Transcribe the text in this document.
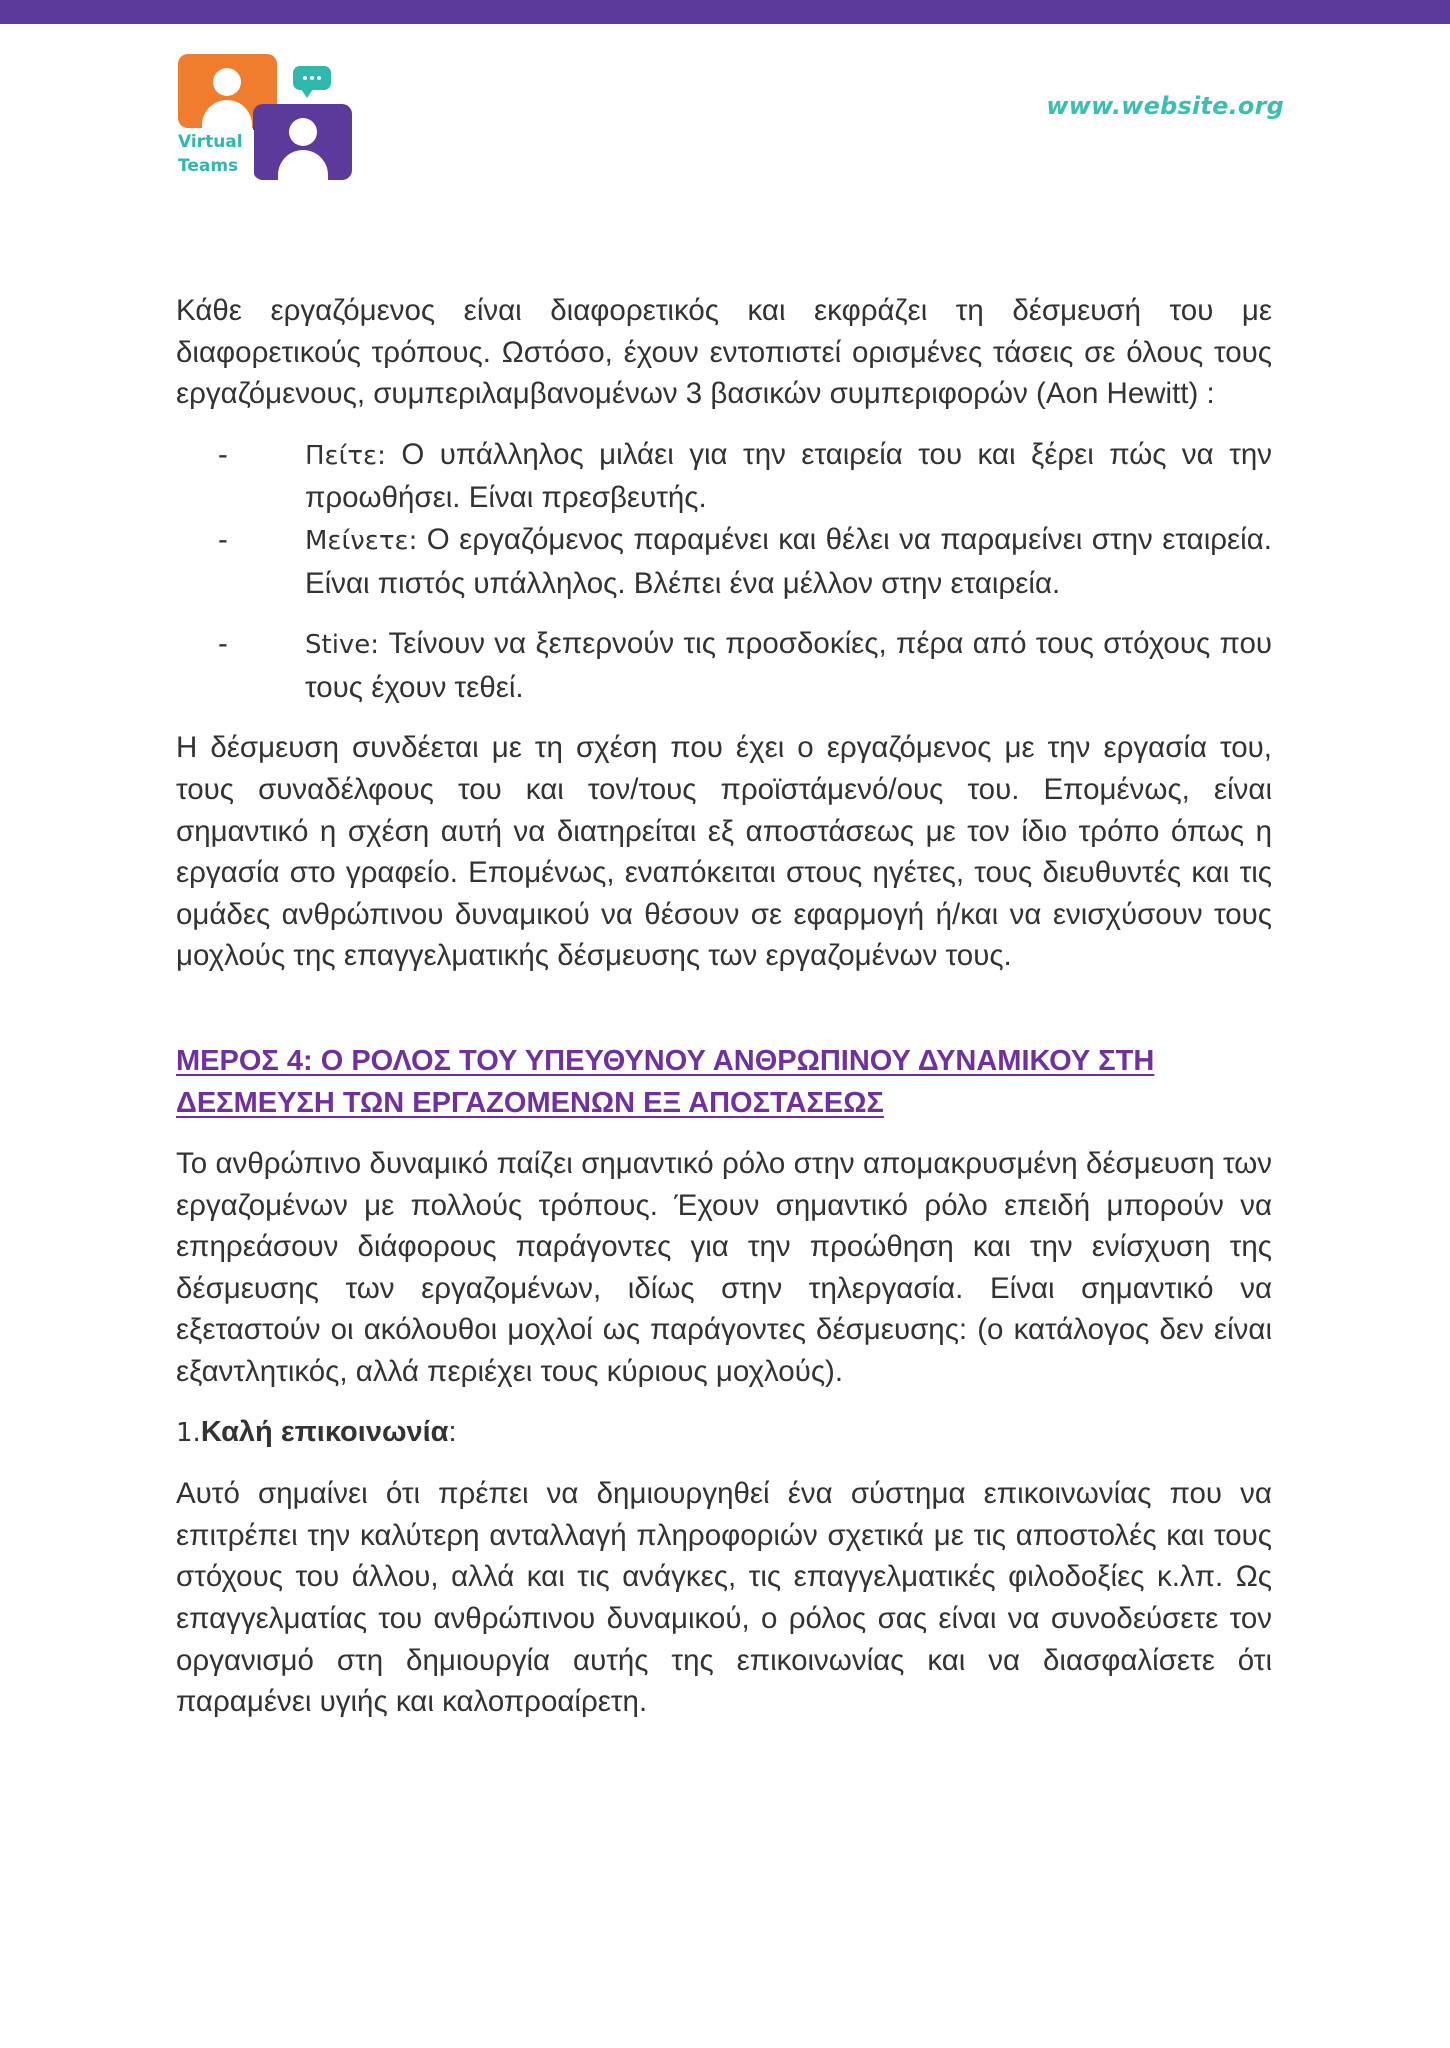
Virtual
Teams
www.website.org

Κάθε εργαζόμενος είναι διαφορετικός και εκφράζει τη δέσμευσή του με διαφορετικούς τρόπους. Ωστόσο, έχουν εντοπιστεί ορισμένες τάσεις σε όλους τους εργαζόμενους, συμπεριλαμβανομένων 3 βασικών συμπεριφορών (Aon Hewitt) :

-	Πείτε: Ο υπάλληλος μιλάει για την εταιρεία του και ξέρει πώς να την προωθήσει. Είναι πρεσβευτής.
-	Μείνετε: Ο εργαζόμενος παραμένει και θέλει να παραμείνει στην εταιρεία. Είναι πιστός υπάλληλος. Βλέπει ένα μέλλον στην εταιρεία.
-	Stive: Τείνουν να ξεπερνούν τις προσδοκίες, πέρα από τους στόχους που τους έχουν τεθεί.

Η δέσμευση συνδέεται με τη σχέση που έχει ο εργαζόμενος με την εργασία του, τους συναδέλφους του και τον/τους προϊστάμενό/ους του. Επομένως, είναι σημαντικό η σχέση αυτή να διατηρείται εξ αποστάσεως με τον ίδιο τρόπο όπως η εργασία στο γραφείο. Επομένως, εναπόκειται στους ηγέτες, τους διευθυντές και τις ομάδες ανθρώπινου δυναμικού να θέσουν σε εφαρμογή ή/και να ενισχύσουν τους μοχλούς της επαγγελματικής δέσμευσης των εργαζομένων τους.

ΜΕΡΟΣ 4: Ο ΡΟΛΟΣ ΤΟΥ ΥΠΕΥΘΥΝΟΥ ΑΝΘΡΩΠΙΝΟΥ ΔΥΝΑΜΙΚΟΥ ΣΤΗ ΔΕΣΜΕΥΣΗ ΤΩΝ ΕΡΓΑΖΟΜΕΝΩΝ ΕΞ ΑΠΟΣΤΑΣΕΩΣ

Το ανθρώπινο δυναμικό παίζει σημαντικό ρόλο στην απομακρυσμένη δέσμευση των εργαζομένων με πολλούς τρόπους. Έχουν σημαντικό ρόλο επειδή μπορούν να επηρεάσουν διάφορους παράγοντες για την προώθηση και την ενίσχυση της δέσμευσης των εργαζομένων, ιδίως στην τηλεργασία. Είναι σημαντικό να εξεταστούν οι ακόλουθοι μοχλοί ως παράγοντες δέσμευσης: (ο κατάλογος δεν είναι εξαντλητικός, αλλά περιέχει τους κύριους μοχλούς).

1.Καλή επικοινωνία:

Αυτό σημαίνει ότι πρέπει να δημιουργηθεί ένα σύστημα επικοινωνίας που να επιτρέπει την καλύτερη ανταλλαγή πληροφοριών σχετικά με τις αποστολές και τους στόχους του άλλου, αλλά και τις ανάγκες, τις επαγγελματικές φιλοδοξίες κ.λπ. Ως επαγγελματίας του ανθρώπινου δυναμικού, ο ρόλος σας είναι να συνοδεύσετε τον οργανισμό στη δημιουργία αυτής της επικοινωνίας και να διασφαλίσετε ότι παραμένει υγιής και καλοπροαίρετη.
